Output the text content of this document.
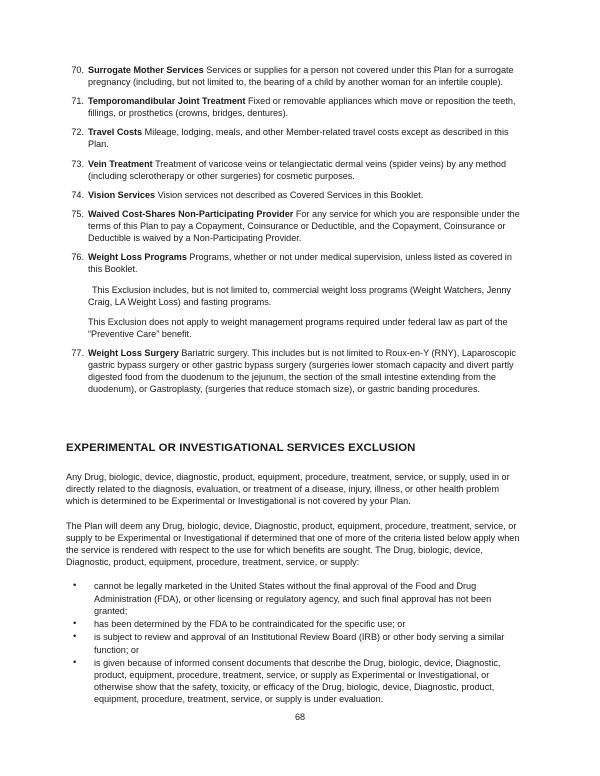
70. Surrogate Mother Services Services or supplies for a person not covered under this Plan for a surrogate pregnancy (including, but not limited to, the bearing of a child by another woman for an infertile couple).
71. Temporomandibular Joint Treatment Fixed or removable appliances which move or reposition the teeth, fillings, or prosthetics (crowns, bridges, dentures).
72. Travel Costs Mileage, lodging, meals, and other Member-related travel costs except as described in this Plan.
73. Vein Treatment Treatment of varicose veins or telangiectatic dermal veins (spider veins) by any method (including sclerotherapy or other surgeries) for cosmetic purposes.
74. Vision Services Vision services not described as Covered Services in this Booklet.
75. Waived Cost-Shares Non-Participating Provider For any service for which you are responsible under the terms of this Plan to pay a Copayment, Coinsurance or Deductible, and the Copayment, Coinsurance or Deductible is waived by a Non-Participating Provider.
76. Weight Loss Programs Programs, whether or not under medical supervision, unless listed as covered in this Booklet.

This Exclusion includes, but is not limited to, commercial weight loss programs (Weight Watchers, Jenny Craig, LA Weight Loss) and fasting programs.

This Exclusion does not apply to weight management programs required under federal law as part of the “Preventive Care” benefit.

77. Weight Loss Surgery Bariatric surgery. This includes but is not limited to Roux-en-Y (RNY), Laparoscopic gastric bypass surgery or other gastric bypass surgery (surgeries lower stomach capacity and divert partly digested food from the duodenum to the jejunum, the section of the small intestine extending from the duodenum), or Gastroplasty, (surgeries that reduce stomach size), or gastric banding procedures.
EXPERIMENTAL OR INVESTIGATIONAL SERVICES EXCLUSION

Any Drug, biologic, device, diagnostic, product, equipment, procedure, treatment, service, or supply, used in or directly related to the diagnosis, evaluation, or treatment of a disease, injury, illness, or other health problem which is determined to be Experimental or Investigational is not covered by your Plan.

The Plan will deem any Drug, biologic, device, Diagnostic, product, equipment, procedure, treatment, service, or supply to be Experimental or Investigational if determined that one of more of the criteria listed below apply when the service is rendered with respect to the use for which benefits are sought. The Drug, biologic, device, Diagnostic, product, equipment, procedure, treatment, service, or supply:

• cannot be legally marketed in the United States without the final approval of the Food and Drug Administration (FDA), or other licensing or regulatory agency, and such final approval has not been granted;
• has been determined by the FDA to be contraindicated for the specific use; or
• is subject to review and approval of an Institutional Review Board (IRB) or other body serving a similar function; or
• is given because of informed consent documents that describe the Drug, biologic, device, Diagnostic, product, equipment, procedure, treatment, service, or supply as Experimental or Investigational, or otherwise show that the safety, toxicity, or efficacy of the Drug, biologic, device, Diagnostic, product, equipment, procedure, treatment, service, or supply is under evaluation.
68
